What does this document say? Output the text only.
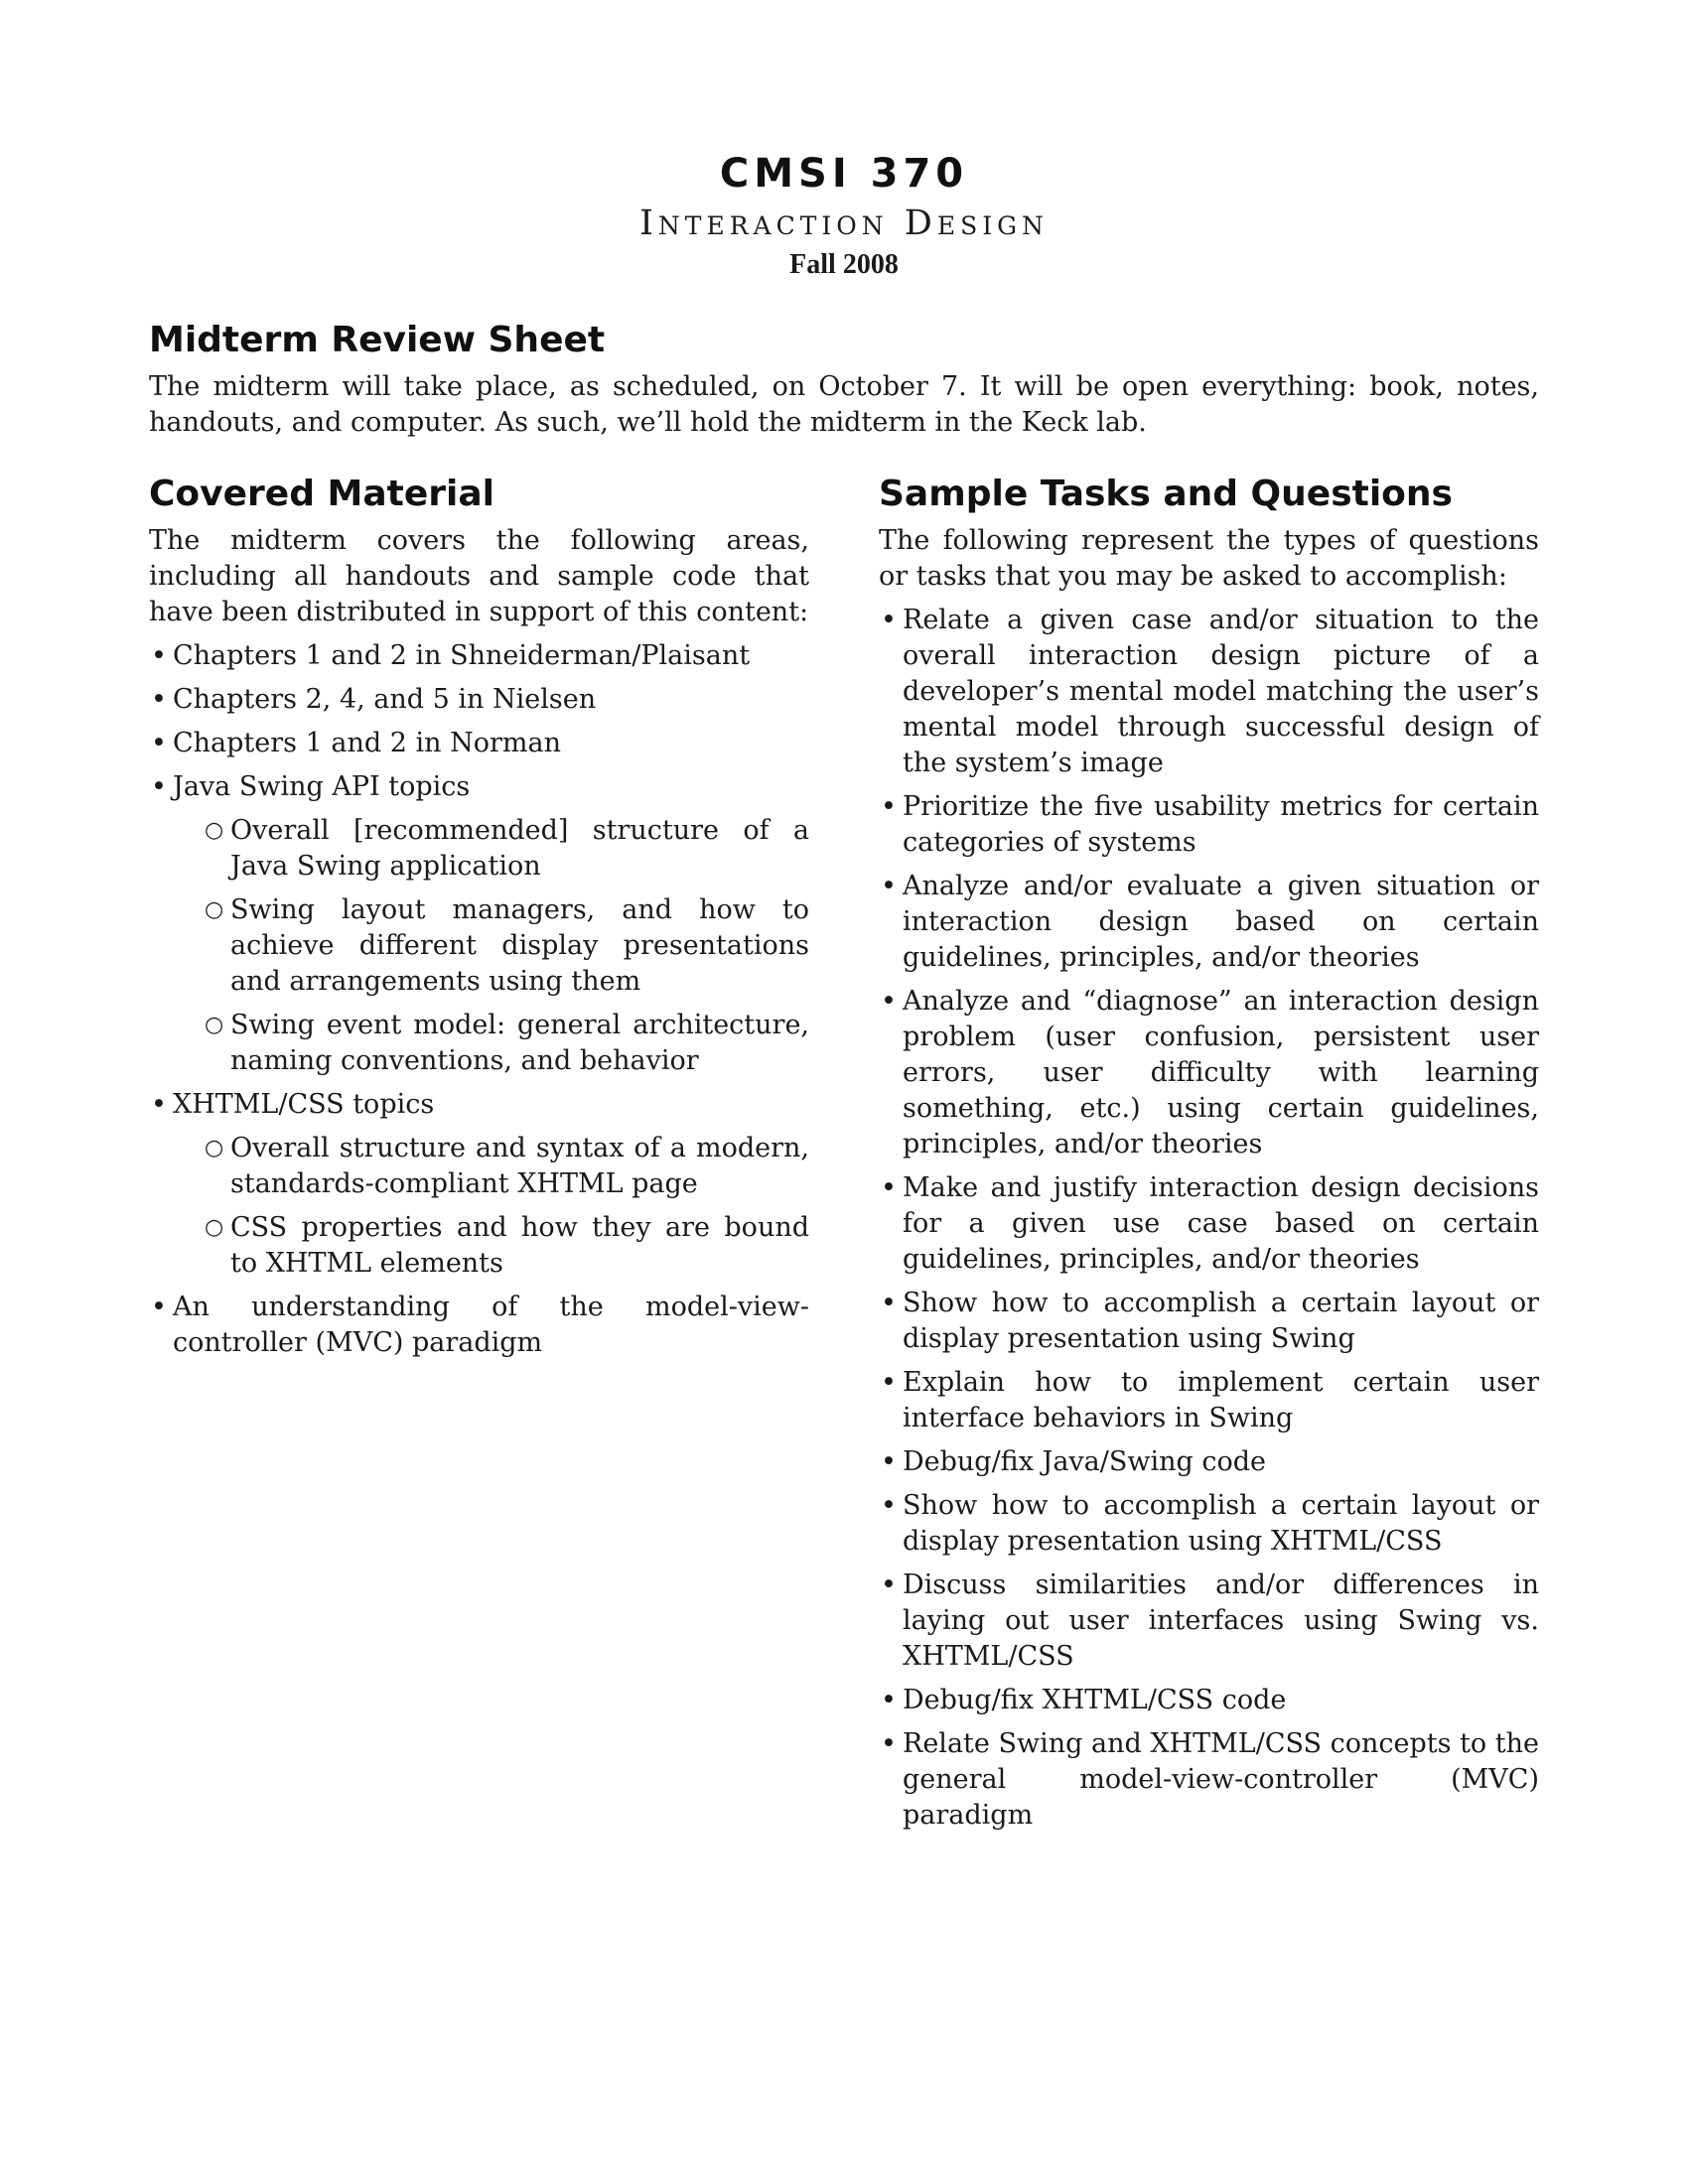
CMSI 370
Interaction Design
Fall 2008
Midterm Review Sheet

The midterm will take place, as scheduled, on October 7. It will be open everything: book, notes, handouts, and computer. As such, we’ll hold the midterm in the Keck lab.

Covered Material

The midterm covers the following areas, including all handouts and sample code that have been distributed in support of this content:

• Chapters 1 and 2 in Shneiderman/Plaisant
• Chapters 2, 4, and 5 in Nielsen
• Chapters 1 and 2 in Norman
• Java Swing API topics
○ Overall [recommended] structure of a Java Swing application
○ Swing layout managers, and how to achieve different display presentations and arrangements using them
○ Swing event model: general architecture, naming conventions, and behavior
• XHTML/CSS topics
○ Overall structure and syntax of a modern, standards-compliant XHTML page
○ CSS properties and how they are bound to XHTML elements
• An understanding of the model-view-controller (MVC) paradigm
Sample Tasks and Questions

The following represent the types of questions or tasks that you may be asked to accomplish:

• Relate a given case and/or situation to the overall interaction design picture of a developer’s mental model matching the user’s mental model through successful design of the system’s image
• Prioritize the five usability metrics for certain categories of systems
• Analyze and/or evaluate a given situation or interaction design based on certain guidelines, principles, and/or theories
• Analyze and “diagnose” an interaction design problem (user confusion, persistent user errors, user difficulty with learning something, etc.) using certain guidelines, principles, and/or theories
• Make and justify interaction design decisions for a given use case based on certain guidelines, principles, and/or theories
• Show how to accomplish a certain layout or display presentation using Swing
• Explain how to implement certain user interface behaviors in Swing
• Debug/fix Java/Swing code
• Show how to accomplish a certain layout or display presentation using XHTML/CSS
• Discuss similarities and/or differences in laying out user interfaces using Swing vs. XHTML/CSS
• Debug/fix XHTML/CSS code
• Relate Swing and XHTML/CSS concepts to the general model-view-controller (MVC) paradigm
